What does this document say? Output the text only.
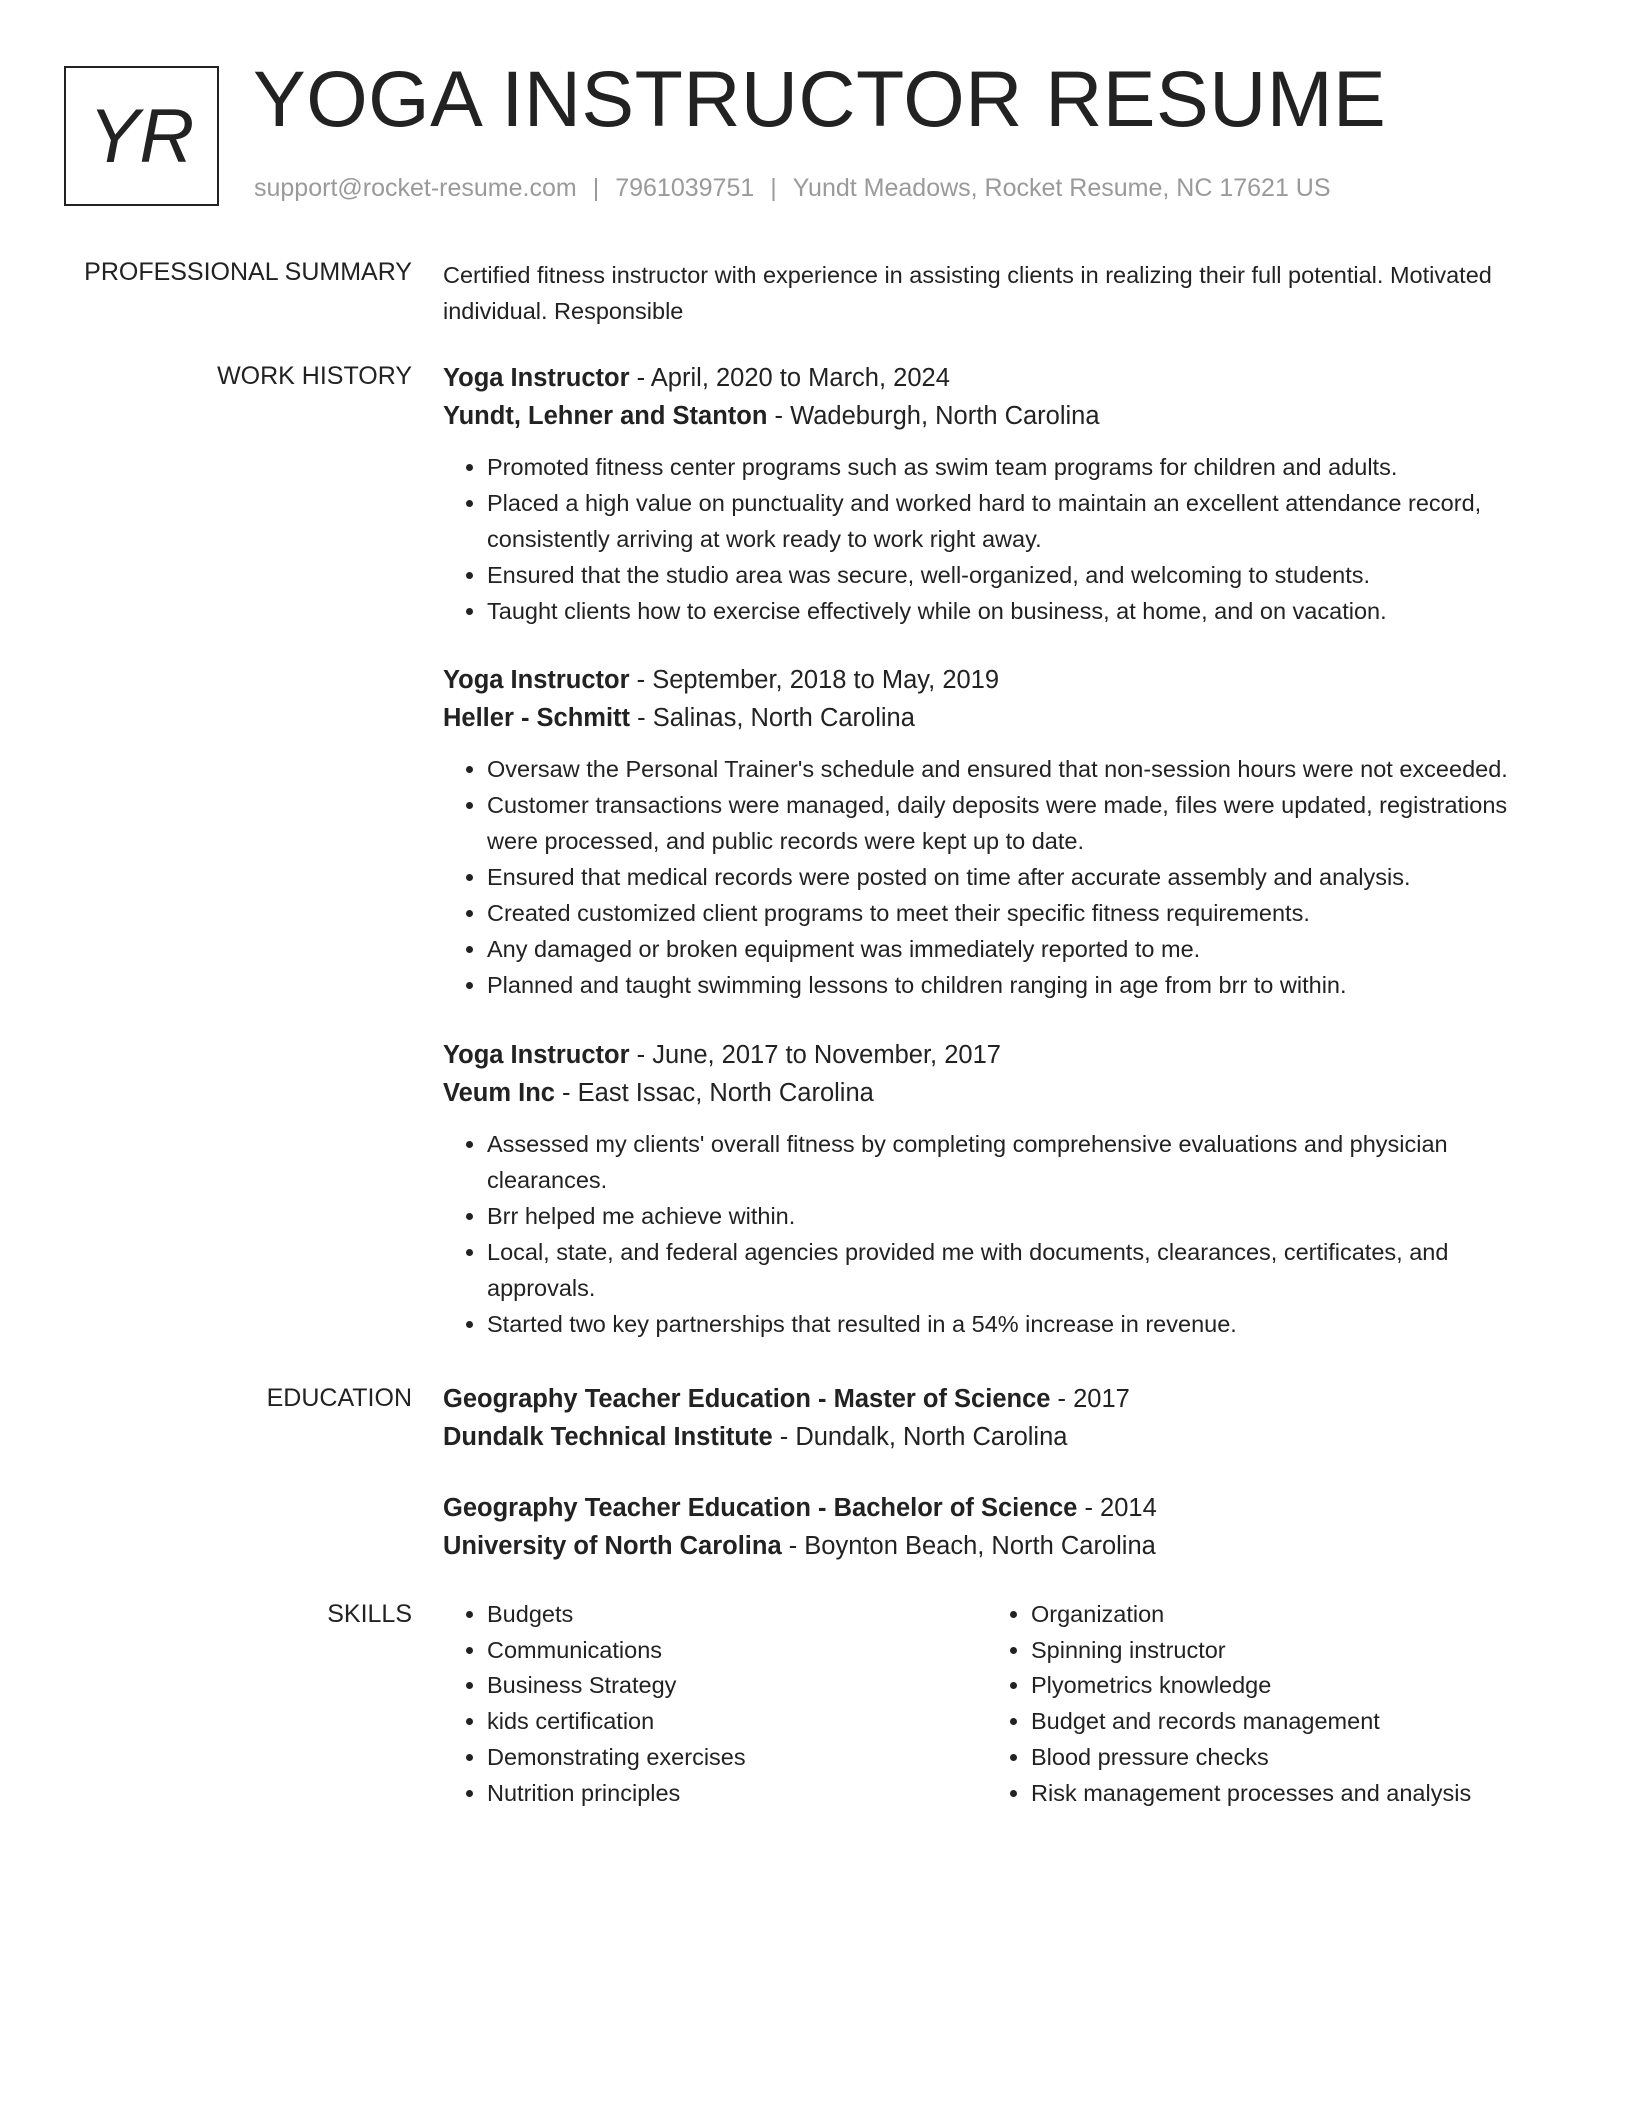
YR YOGA INSTRUCTOR RESUME
support@rocket-resume.com | 7961039751 | Yundt Meadows, Rocket Resume, NC 17621 US
PROFESSIONAL SUMMARY Certified fitness instructor with experience in assisting clients in realizing their full potential. Motivated individual. Responsible
WORK HISTORY Yoga Instructor - April, 2020 to March, 2024
Yundt, Lehner and Stanton - Wadeburgh, North Carolina
• Promoted fitness center programs such as swim team programs for children and adults.
• Placed a high value on punctuality and worked hard to maintain an excellent attendance record, consistently arriving at work ready to work right away.
• Ensured that the studio area was secure, well-organized, and welcoming to students.
• Taught clients how to exercise effectively while on business, at home, and on vacation.
Yoga Instructor - September, 2018 to May, 2019
Heller - Schmitt - Salinas, North Carolina
• Oversaw the Personal Trainer's schedule and ensured that non-session hours were not exceeded.
• Customer transactions were managed, daily deposits were made, files were updated, registrations were processed, and public records were kept up to date.
• Ensured that medical records were posted on time after accurate assembly and analysis.
• Created customized client programs to meet their specific fitness requirements.
• Any damaged or broken equipment was immediately reported to me.
• Planned and taught swimming lessons to children ranging in age from brr to within.
Yoga Instructor - June, 2017 to November, 2017
Veum Inc - East Issac, North Carolina
• Assessed my clients' overall fitness by completing comprehensive evaluations and physician clearances.
• Brr helped me achieve within.
• Local, state, and federal agencies provided me with documents, clearances, certificates, and approvals.
• Started two key partnerships that resulted in a 54% increase in revenue.
EDUCATION Geography Teacher Education - Master of Science - 2017
Dundalk Technical Institute - Dundalk, North Carolina
Geography Teacher Education - Bachelor of Science - 2014
University of North Carolina - Boynton Beach, North Carolina
SKILLS
•	Budgets
• Communications
• Business Strategy
• kids certification
• Demonstrating exercises
• Nutrition principles
• Organization
• Spinning instructor
• Plyometrics knowledge
• Budget and records management
• Blood pressure checks
• Risk management processes and analysis
